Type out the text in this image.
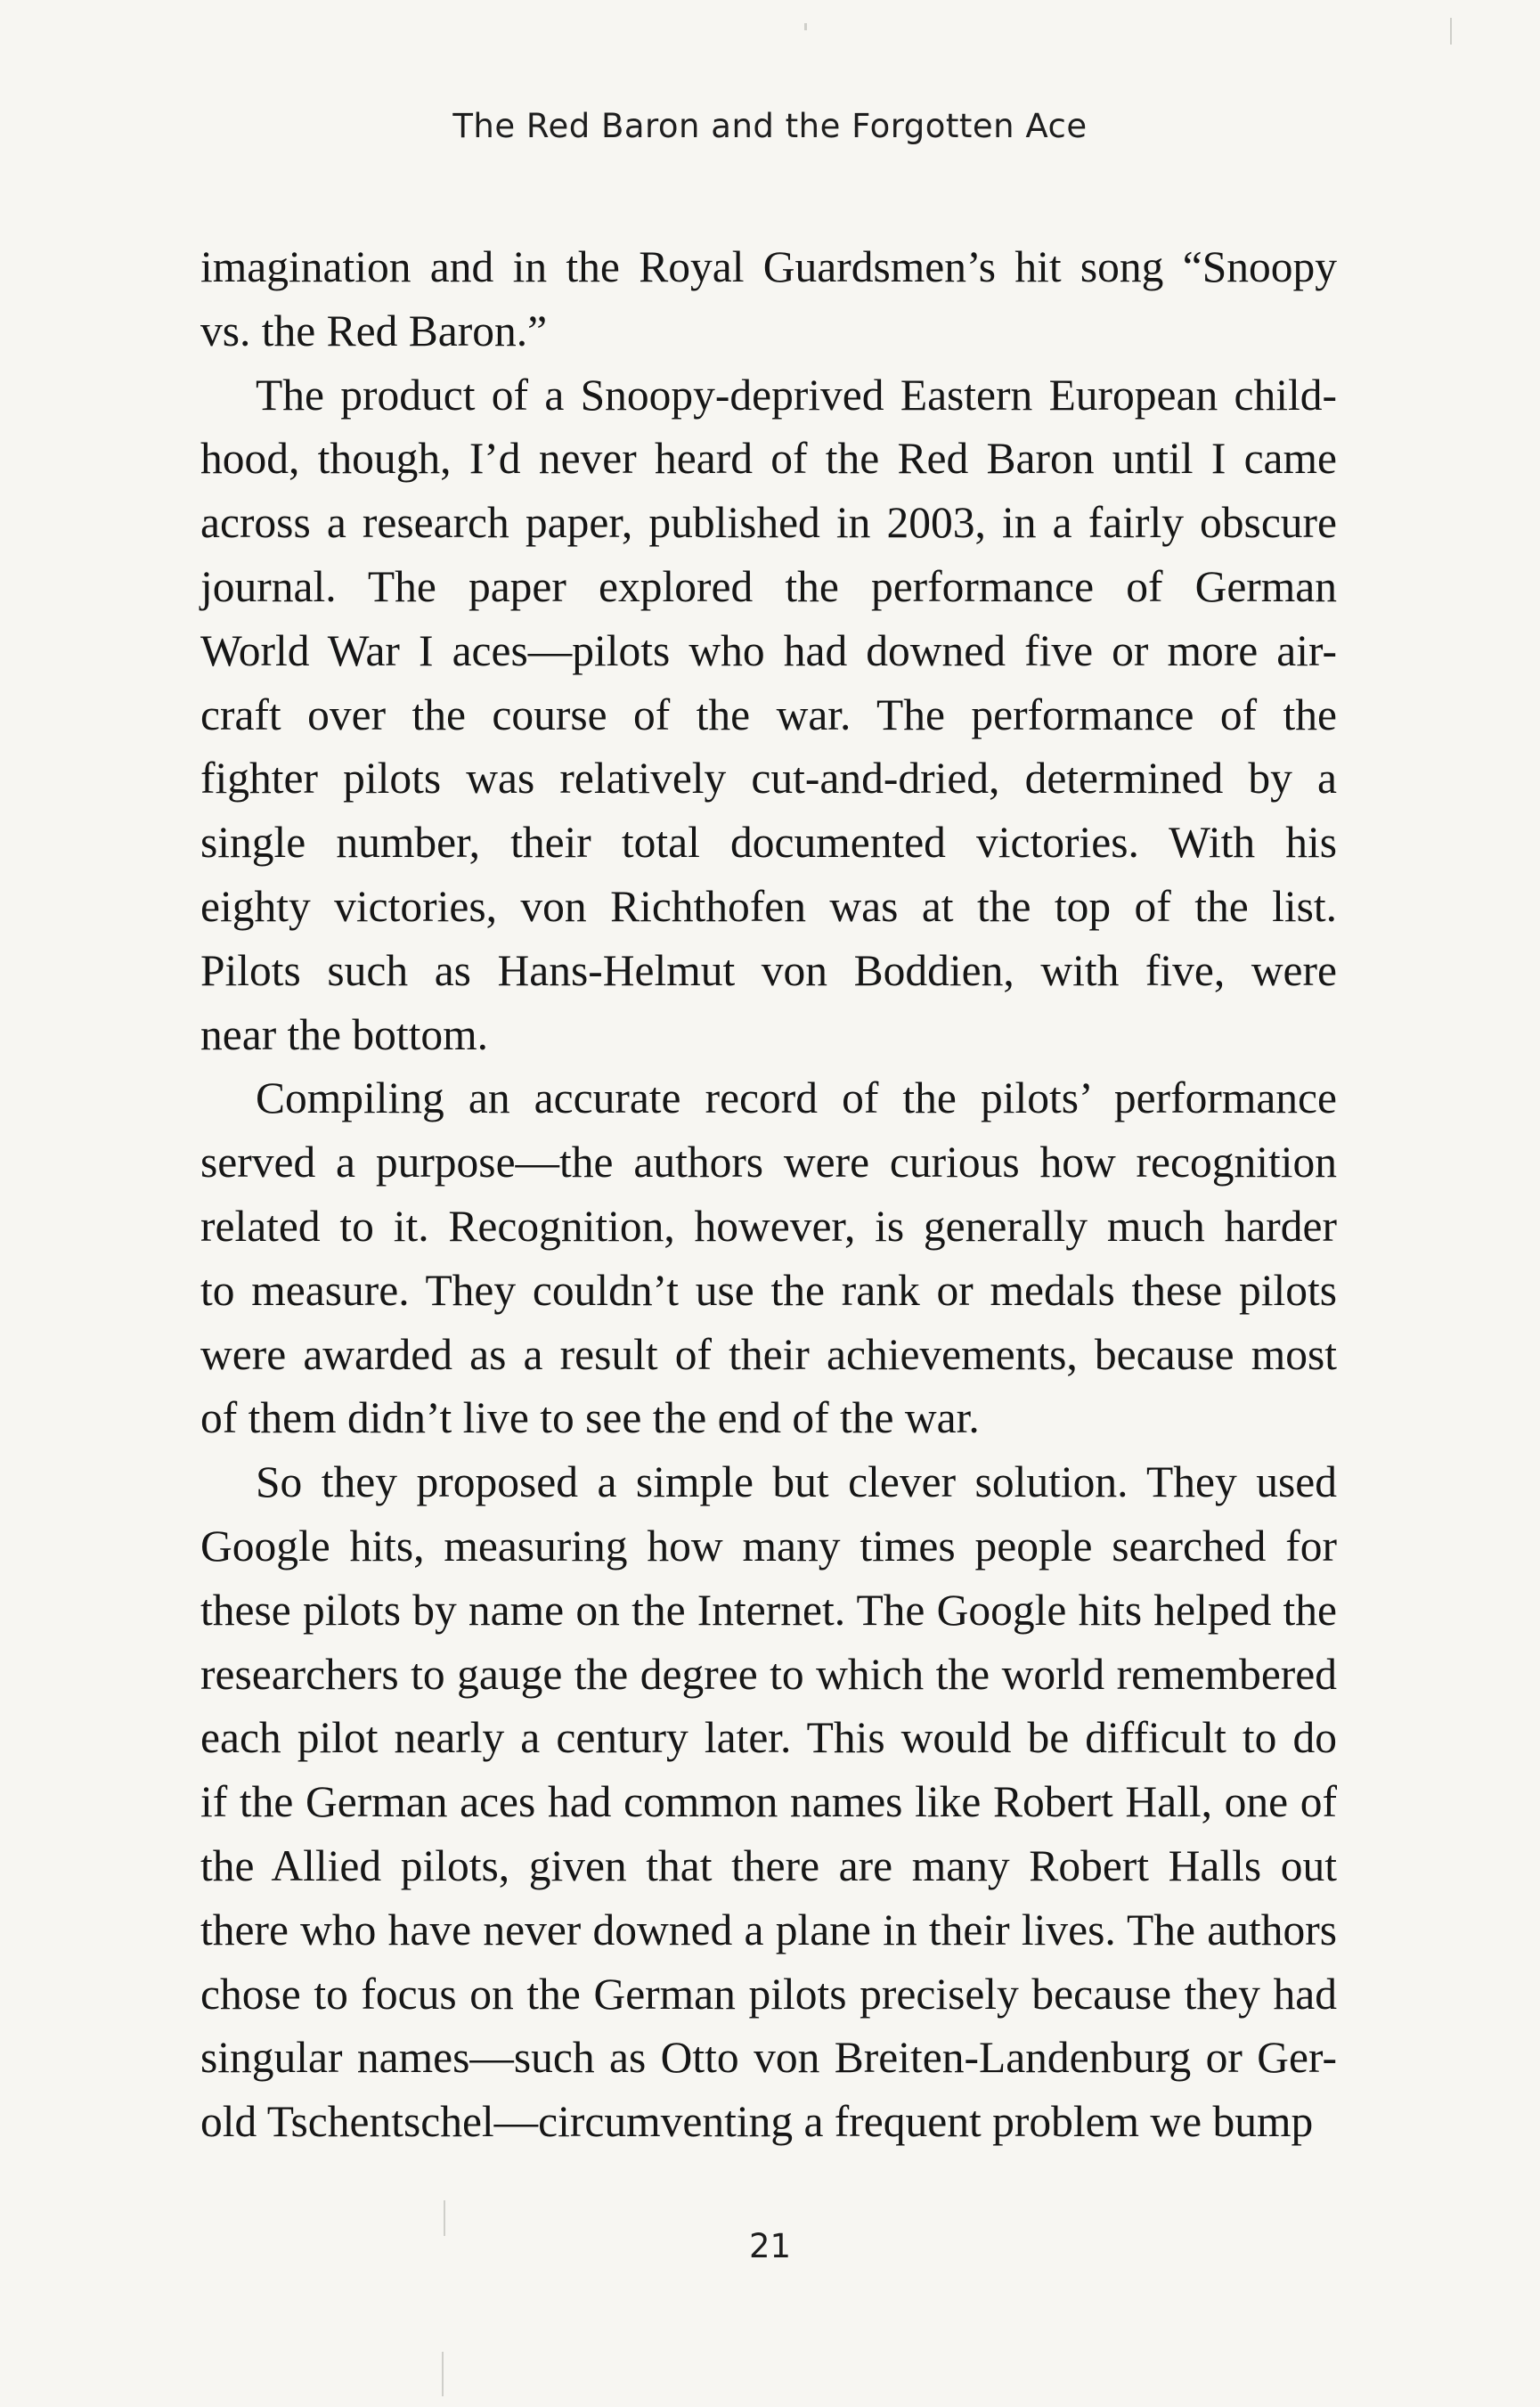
The Red Baron and the Forgotten Ace
imagination and in the Royal Guardsmen’s hit song “Snoopy
vs. the Red Baron.”
The product of a Snoopy-deprived Eastern European child-
hood, though, I’d never heard of the Red Baron until I came
across a research paper, published in 2003, in a fairly obscure
journal. The paper explored the performance of German
World War I aces—pilots who had downed five or more air-
craft over the course of the war. The performance of the
fighter pilots was relatively cut-and-dried, determined by a
single number, their total documented victories. With his
eighty victories, von Richthofen was at the top of the list.
Pilots such as Hans-Helmut von Boddien, with five, were
near the bottom.
Compiling an accurate record of the pilots’ performance
served a purpose—the authors were curious how recognition
related to it. Recognition, however, is generally much harder
to measure. They couldn’t use the rank or medals these pilots
were awarded as a result of their achievements, because most
of them didn’t live to see the end of the war.
So they proposed a simple but clever solution. They used
Google hits, measuring how many times people searched for
these pilots by name on the Internet. The Google hits helped the
researchers to gauge the degree to which the world remembered
each pilot nearly a century later. This would be difficult to do
if the German aces had common names like Robert Hall, one of
the Allied pilots, given that there are many Robert Halls out
there who have never downed a plane in their lives. The authors
chose to focus on the German pilots precisely because they had
singular names—such as Otto von Breiten-Landenburg or Ger-
old Tschentschel—circumventing a frequent problem we bump
21
